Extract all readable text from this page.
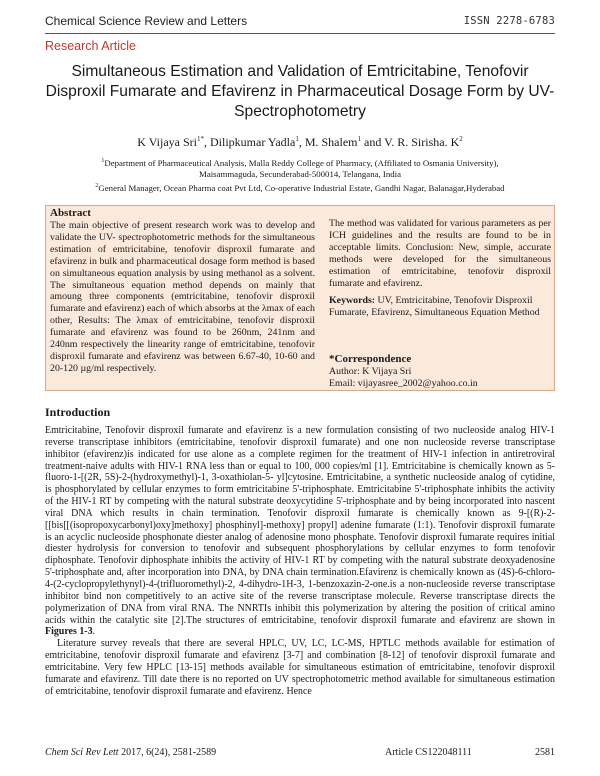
Chemical Science Review and Letters	ISSN 2278-6783
Research Article
Simultaneous Estimation and Validation of Emtricitabine, Tenofovir Disproxil Fumarate and Efavirenz in Pharmaceutical Dosage Form by UV-Spectrophotometry
K Vijaya Sri$^{1*}$, Dilipkumar Yadla$^1$, M. Shalem$^1$ and V. R. Sirisha. $K^2$
$^1$Department of Pharmaceutical Analysis, Malla Reddy College of Pharmacy, (Affiliated to Osmania University),
Maisammaguda, Secunderabad-500014, Telangana, India
$^2$General Manager, Ocean Pharma coat Pvt Ltd, Co-operative Industrial Estate, Gandhi Nagar, Balanagar,Hyderabad
Abstract
The main objective of present research work was to develop and validate the UV- spectrophotometric methods for the simultaneous estimation of emtricitabine, tenofovir disproxil fumarate and efavirenz in bulk and pharmaceutical dosage form method is based on simultaneous equation analysis by using methanol as a solvent. The simultaneous equation method depends on mainly that amoung three components (emtricitabine, tenofovir disproxil fumarate and efavirenz) each of which absorbs at the λmax of each other, Results: The λmax of emtricitabine, tenofovir disproxil fumarate and efavirenz was found to be 260nm, 241nm and 240nm respectively the linearity range of emtricitabine, tenofovir disproxil fumarate and efavirenz was between 6.67-40, 10-60 and 20-120 µg/ml respectively.
The method was validated for various parameters as per ICH guidelines and the results are found to be in acceptable limits. Conclusion: New, simple, accurate methods were developed for the simultaneous estimation of emtricitabine, tenofovir disproxil fumarate and efavirenz.
Keywords: UV, Emtricitabine, Tenofovir Disproxil Fumarate, Efavirenz, Simultaneous Equation Method
*Correspondence
Author: K Vijaya Sri
Email: vijayasree_2002@yahoo.co.in
Introduction

Emtricitabine, Tenofovir disproxil fumarate and efavirenz is a new formulation consisting of two nucleoside analog HIV-1 reverse transcriptase inhibitors (emtricitabine, tenofovir disproxil fumarate) and one non nucleoside reverse transcriptase inhibitor (efavirenz)is indicated for use alone as a complete regimen for the treatment of HIV-1 infection in antiretroviral treatment-naive adults with HIV-1 RNA less than or equal to 100, 000 copies/ml [1]. Emtricitabine is chemically known as 5-fluoro-1-[(2R, 5S)-2-(hydroxymethyl)-1, 3-oxathiolan-5- yl]cytosine. Emtricitabine, a synthetic nucleoside analog of cytidine, is phosphorylated by cellular enzymes to form emtricitabine 5'-triphosphate. Emtricitabine 5'-triphosphate inhibits the activity of the HIV-1 RT by competing with the natural substrate deoxycytidine 5'-triphosphate and by being incorporated into nascent viral DNA which results in chain termination. Tenofovir disproxil fumarate is chemically known as 9-[(R)-2-[[bis[[(isopropoxycarbonyl)oxy]methoxy] phosphinyl]-methoxy] propyl] adenine fumarate (1:1). Tenofovir disproxil fumarate is an acyclic nucleoside phosphonate diester analog of adenosine mono phosphate. Tenofovir disproxil fumarate requires initial diester hydrolysis for conversion to tenofovir and subsequent phosphorylations by cellular enzymes to form tenofovir diphosphate. Tenofovir diphosphate inhibits the activity of HIV-1 RT by competing with the natural substrate deoxyadenosine 5'-triphosphate and, after incorporation into DNA, by DNA chain termination.Efavirenz is chemically known as (4S)-6-chloro-4-(2-cyclopropylethynyl)-4-(trifluoromethyl)-2, 4-dihydro-1H-3, 1-benzoxazin-2-one.is a non-nucleoside reverse transcriptase inhibitor bind non competitively to an active site of the reverse transcriptase molecule. Reverse transcriptase directs the polymerization of DNA from viral RNA. The NNRTIs inhibit this polymerization by altering the position of critical amino acids within the catalytic site [2].The structures of emtricitabine, tenofovir disproxil fumarate and efavirenz are shown in Figures 1-3.

Literature survey reveals that there are several HPLC, UV, LC, LC-MS, HPTLC methods available for estimation of emtricitabine, tenofovir disproxil fumarate and efavirenz [3-7] and combination [8-12] of tenofovir disproxil fumarate and emtricitabine. Very few HPLC [13-15] methods available for simultaneous estimation of emtricitabine, tenofovir disproxil fumarate and efavirenz. Till date there is no reported on UV spectrophotometric method available for simultaneous estimation of emtricitabine, tenofovir disproxil fumarate and efavirenz. Hence

Chem Sci Rev Lett 2017, 6(24), 2581-2589	Article CS122048111	2581
